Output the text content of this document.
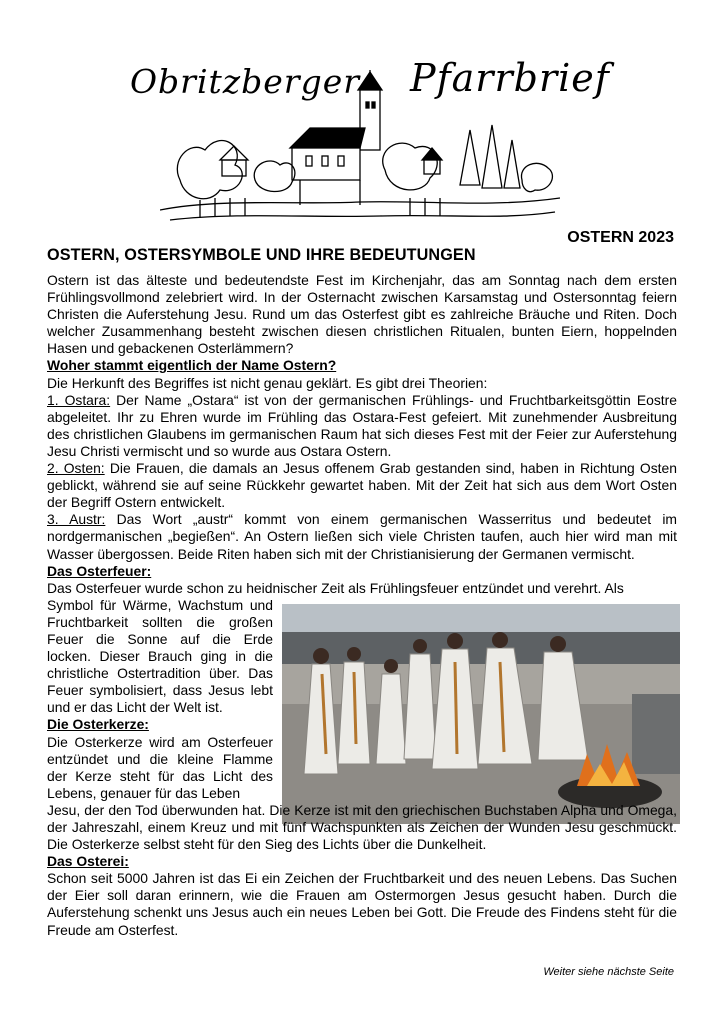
Obritzberger Pfarrbrief
OSTERN 2023
OSTERN, OSTERSYMBOLE UND IHRE BEDEUTUNGEN

Ostern ist das älteste und bedeutendste Fest im Kirchenjahr, das am Sonntag nach dem ersten Frühlingsvollmond zelebriert wird. In der Osternacht zwischen Karsamstag und Ostersonntag feiern Christen die Auferstehung Jesu. Rund um das Osterfest gibt es zahlreiche Bräuche und Riten. Doch welcher Zusammenhang besteht zwischen diesen christlichen Ritualen, bunten Eiern, hoppelnden Hasen und gebackenen Osterlämmern?

Woher stammt eigentlich der Name Ostern?

Die Herkunft des Begriffes ist nicht genau geklärt. Es gibt drei Theorien:

1. Ostara: Der Name „Ostara“ ist von der germanischen Frühlings- und Fruchtbarkeitsgöttin Eostre abgeleitet. Ihr zu Ehren wurde im Frühling das Ostara-Fest gefeiert. Mit zunehmender Ausbreitung des christlichen Glaubens im germanischen Raum hat sich dieses Fest mit der Feier zur Auferstehung Jesu Christi vermischt und so wurde aus Ostara Ostern.

2. Osten: Die Frauen, die damals an Jesus offenem Grab gestanden sind, haben in Richtung Osten geblickt, während sie auf seine Rückkehr gewartet haben. Mit der Zeit hat sich aus dem Wort Osten der Begriff Ostern entwickelt.

3. Austr: Das Wort „austr“ kommt von einem germanischen Wasserritus und bedeutet im nordgermanischen „begießen“. An Ostern ließen sich viele Christen taufen, auch hier wird man mit Wasser übergossen. Beide Riten haben sich mit der Christianisierung der Germanen vermischt.

Das Osterfeuer:

Das Osterfeuer wurde schon zu heidnischer Zeit als Frühlingsfeuer entzündet und verehrt. Als

Symbol für Wärme, Wachstum und Fruchtbarkeit sollten die großen Feuer die Sonne auf die Erde locken. Dieser Brauch ging in die christliche Ostertradition über. Das Feuer symbolisiert, dass Jesus lebt und er das Licht der Welt ist.

Die Osterkerze:

Die Osterkerze wird am Osterfeuer entzündet und die kleine Flamme der Kerze steht für das Licht des Lebens, genauer für das Leben

Jesu, der den Tod überwunden hat. Die Kerze ist mit den griechischen Buchstaben Alpha und Omega, der Jahreszahl, einem Kreuz und mit fünf Wachspunkten als Zeichen der Wunden Jesu geschmückt. Die Osterkerze selbst steht für den Sieg des Lichts über die Dunkelheit.

Das Osterei:

Schon seit 5000 Jahren ist das Ei ein Zeichen der Fruchtbarkeit und des neuen Lebens. Das Suchen der Eier soll daran erinnern, wie die Frauen am Ostermorgen Jesus gesucht haben. Durch die Auferstehung schenkt uns Jesus auch ein neues Leben bei Gott. Die Freude des Findens steht für die Freude am Osterfest.

Weiter siehe nächste Seite
